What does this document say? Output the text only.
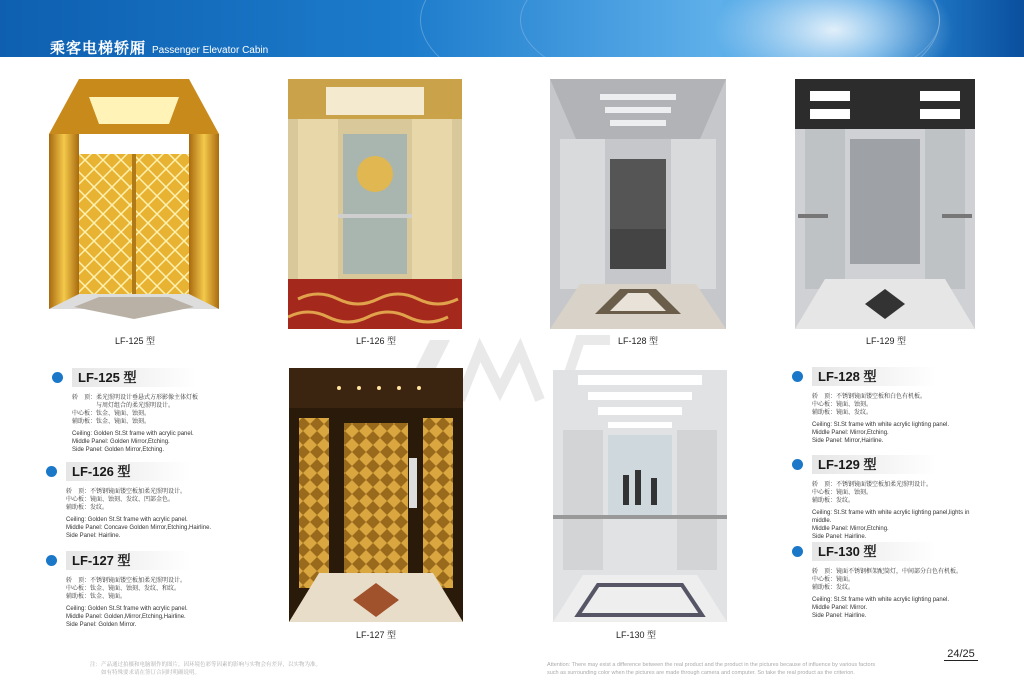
乘客电梯轿厢 Passenger Elevator Cabin
LF-125 型	LF-126 型	LF-128 型	LF-129 型
LF-127 型	LF-130 型
LF-125 型
轿　顶：柔光照明设计垂悬式方形影像主体灯板
　　　　与周灯组合的柔光照明设计。
中心板：钛金、镜面、蚀刻。
辅助板：钛金、镜面、蚀刻。
Ceiling: Golden St.St frame with acrylic panel.
Middle Panel: Golden Mirror,Etching.
Side Panel: Golden Mirror,Etching.
LF-126 型
轿　顶：不锈钢镜面镂空板加柔光照明设计。
中心板：镜面、蚀刻、发纹、凹部金色。
辅助板：发纹。
Ceiling: Golden St.St frame with acrylic panel.
Middle Panel: Concave Golden Mirror,Etching,Hairline.
Side Panel: Hairline.
LF-127 型
轿　顶：不锈钢镜面镂空板加柔光照明设计。
中心板：钛金、镜面、蚀刻、发纹、和纹。
辅助板：钛金、镜面。
Ceiling: Golden St.St frame with acrylic panel.
Middle Panel: Golden,Mirror,Etching,Hairline.
Side Panel: Golden Mirror.
LF-128 型
轿　顶：不锈钢镜面镂空板和白色有机板。
中心板：镜面、蚀刻。
辅助板：镜面、发纹。
Ceiling: St.St frame with white acrylic lighting panel.
Middle Panel: Mirror,Etching.
Side Panel: Mirror,Hairline.
LF-129 型
轿　顶：不锈钢镜面镂空板加柔光照明设计。
中心板：镜面、蚀刻。
辅助板：发纹。
Ceiling: St.St frame with white acrylic lighting panel,lights in
middle.
Middle Panel: Mirror,Etching.
Side Panel: Hairline.
LF-130 型
轿　顶：镜面不锈钢框架配筒灯，中间部分白色有机板。
中心板：镜面。
辅助板：发纹。
Ceiling: St.St frame with white acrylic lighting panel.
Middle Panel: Mirror.
Side Panel: Hairline.
24/25
注：产品通过拍摄和电脑制作的图片，因环境色彩等因素的影响与实物会有差异，以实物为准。
　　如有特殊要求请在签订合同时明确说明。
Attention: There may exist a difference between the real product and the product in the pictures because of influence by various factors
such as surrounding color when the pictures are made through camera and computer. So take the real product as the criterion.
